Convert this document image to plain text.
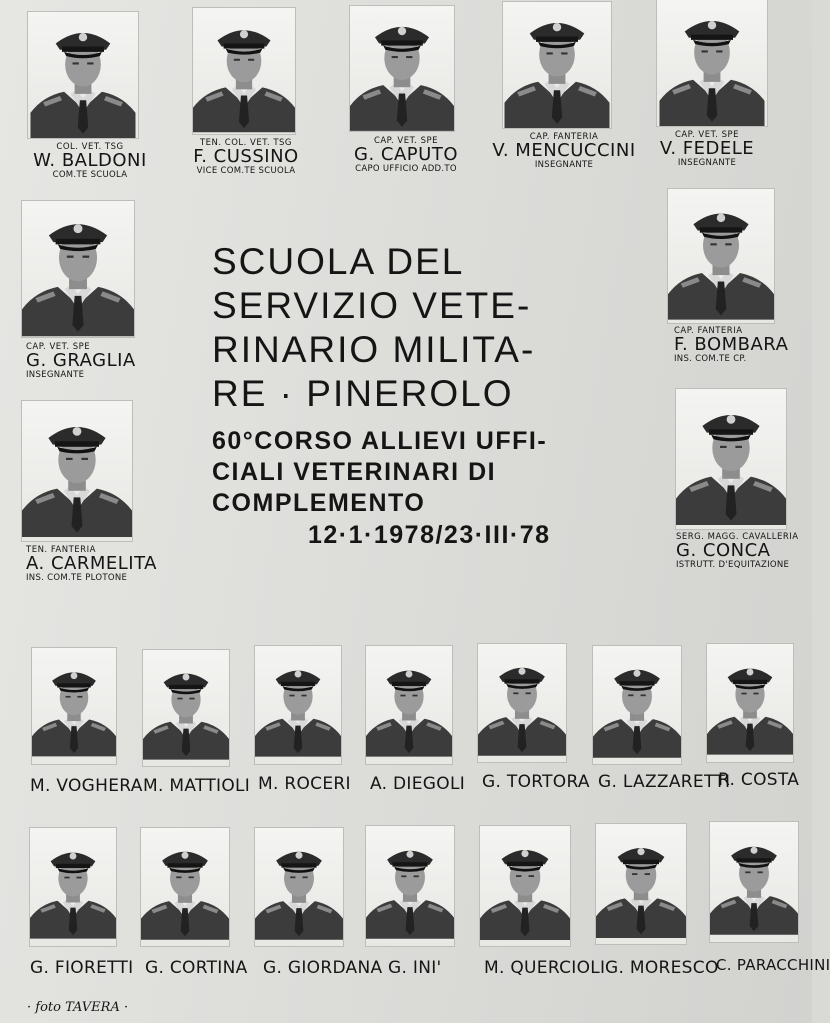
COL. VET. TSG
W. BALDONI
COM.TE SCUOLA
TEN. COL. VET. TSG
F. CUSSINO
VICE COM.TE SCUOLA
CAP. VET. SPE
G. CAPUTO
CAPO UFFICIO ADD.TO
CAP. FANTERIA
V. MENCUCCINI
INSEGNANTE
CAP. VET. SPE
V. FEDELE
INSEGNANTE
CAP. VET. SPE
G. GRAGLIA
INSEGNANTE
CAP. FANTERIA
F. BOMBARA
INS. COM.TE CP.
TEN. FANTERIA
A. CARMELITA
INS. COM.TE PLOTONE
SERG. MAGG. CAVALLERIA
G. CONCA
ISTRUTT. D'EQUITAZIONE
SCUOLA DEL
SERVIZIO VETE-
RINARIO MILITA-
RE · PINEROLO
60°CORSO ALLIEVI UFFI-
CIALI VETERINARI DI
COMPLEMENTO
12·1·1978/23·III·78
M. VOGHERA M. MATTIOLI M. ROCERI A. DIEGOLI G. TORTORA G. LAZZARETTI
R. COSTA
G. FIORETTI G. CORTINA G. GIORDANA G. INI'	M. QUERCIOLI G. MORESCO
C. PARACCHINI
· foto TAVERA ·
